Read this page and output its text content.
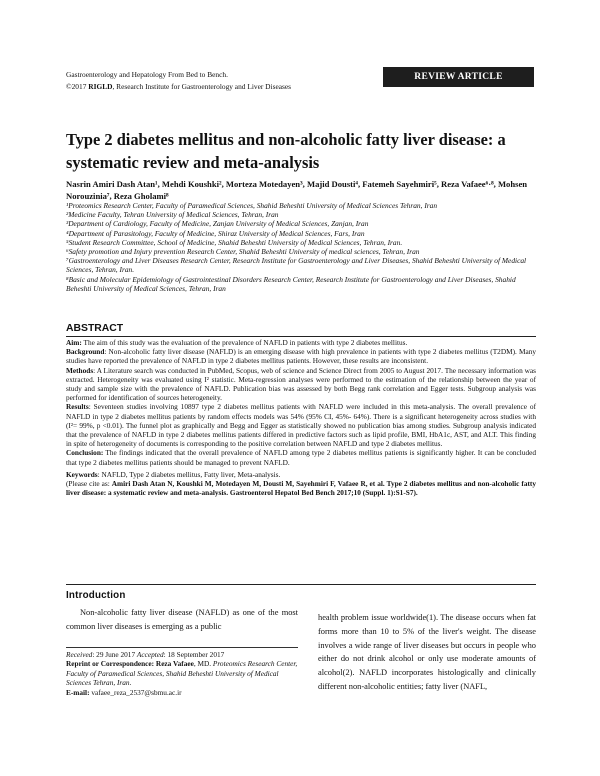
Gastroenterology and Hepatology From Bed to Bench.
©2017 RIGLD, Research Institute for Gastroenterology and Liver Diseases
REVIEW ARTICLE
Type 2 diabetes mellitus and non-alcoholic fatty liver disease: a systematic review and meta-analysis
Nasrin Amiri Dash Atan¹, Mehdi Koushki², Morteza Motedayen³, Majid Dousti⁴, Fatemeh Sayehmiri⁵, Reza Vafaee⁶·⁸, Mohsen Norouzinia⁷, Reza Gholami⁸

¹Proteomics Research Center, Faculty of Paramedical Sciences, Shahid Beheshti University of Medical Sciences Tehran, Iran

²Medicine Faculty, Tehran University of Medical Sciences, Tehran, Iran

³Department of Cardiology, Faculty of Medicine, Zanjan University of Medical Sciences, Zanjan, Iran

⁴Department of Parasitology, Faculty of Medicine, Shiraz University of Medical Sciences, Fars, Iran

⁵Student Research Committee, School of Medicine, Shahid Beheshti University of Medical Sciences, Tehran, Iran.

⁶Safety promotion and Injury prevention Research Center, Shahid Beheshti University of medical sciences, Tehran, Iran

⁷Gastroenterology and Liver Diseases Research Center, Research Institute for Gastroenterology and Liver Diseases, Shahid Beheshti University of Medical Sciences, Tehran, Iran.

⁸Basic and Molecular Epidemiology of Gastrointestinal Disorders Research Center, Research Institute for Gastroenterology and Liver Diseases, Shahid Beheshti University of Medical Sciences, Tehran, Iran

ABSTRACT

Aim: The aim of this study was the evaluation of the prevalence of NAFLD in patients with type 2 diabetes mellitus.

Background: Non-alcoholic fatty liver disease (NAFLD) is an emerging disease with high prevalence in patients with type 2 diabetes mellitus (T2DM). Many studies have reported the prevalence of NAFLD in type 2 diabetes mellitus patients. However, these results are inconsistent.

Methods: A Literature search was conducted in PubMed, Scopus, web of science and Science Direct from 2005 to August 2017. The necessary information was extracted. Heterogeneity was evaluated using I² statistic. Meta-regression analyses were performed to the estimation of the relationship between the year of study and sample size with the prevalence of NAFLD. Publication bias was assessed by both Begg rank correlation and Egger tests. Subgroup analysis was performed for identification of sources heterogeneity.

Results: Seventeen studies involving 10897 type 2 diabetes mellitus patients with NAFLD were included in this meta-analysis. The overall prevalence of NAFLD in type 2 diabetes mellitus patients by random effects models was 54% (95% CI, 45%- 64%). There is a significant heterogeneity across studies with (I²= 99%, p <0.01). The funnel plot as graphically and Begg and Egger as statistically showed no publication bias among studies. Subgroup analysis indicated that the prevalence of NAFLD in type 2 diabetes mellitus patients differed in predictive factors such as lipid profile, BMI, HbA1c, AST, and ALT. This finding in spite of heterogeneity of documents is corresponding to the positive correlation between NAFLD and type 2 diabetes mellitus.

Conclusion: The findings indicated that the overall prevalence of NAFLD among type 2 diabetes mellitus patients is significantly higher. It can be concluded that type 2 diabetes mellitus patients should be managed to prevent NAFLD.

Keywords: NAFLD, Type 2 diabetes mellitus, Fatty liver, Meta-analysis.

(Please cite as: Amiri Dash Atan N, Koushki M, Motedayen M, Dousti M, Sayehmiri F, Vafaee R, et al. Type 2 diabetes mellitus and non-alcoholic fatty liver disease: a systematic review and meta-analysis. Gastroenterol Hepatol Bed Bench 2017;10 (Suppl. 1):S1-S7).

Introduction

Non-alcoholic fatty liver disease (NAFLD) as one of the most common liver diseases is emerging as a public

health problem issue worldwide(1). The disease occurs when fat forms more than 10 to 5% of the liver's weight. The disease involves a wide range of liver diseases but occurs in people who either do not drink alcohol or only use moderate amounts of alcohol(2). NAFLD incorporates histologically and clinically different non-alcoholic entities; fatty liver (NAFL,

Received: 29 June 2017 Accepted: 18 September 2017

Reprint or Correspondence: Reza Vafaee, MD. Proteomics Research Center, Faculty of Paramedical Sciences, Shahid Beheshti University of Medical Sciences Tehran, Iran.

E-mail: vafaee_reza_2537@sbmu.ac.ir
